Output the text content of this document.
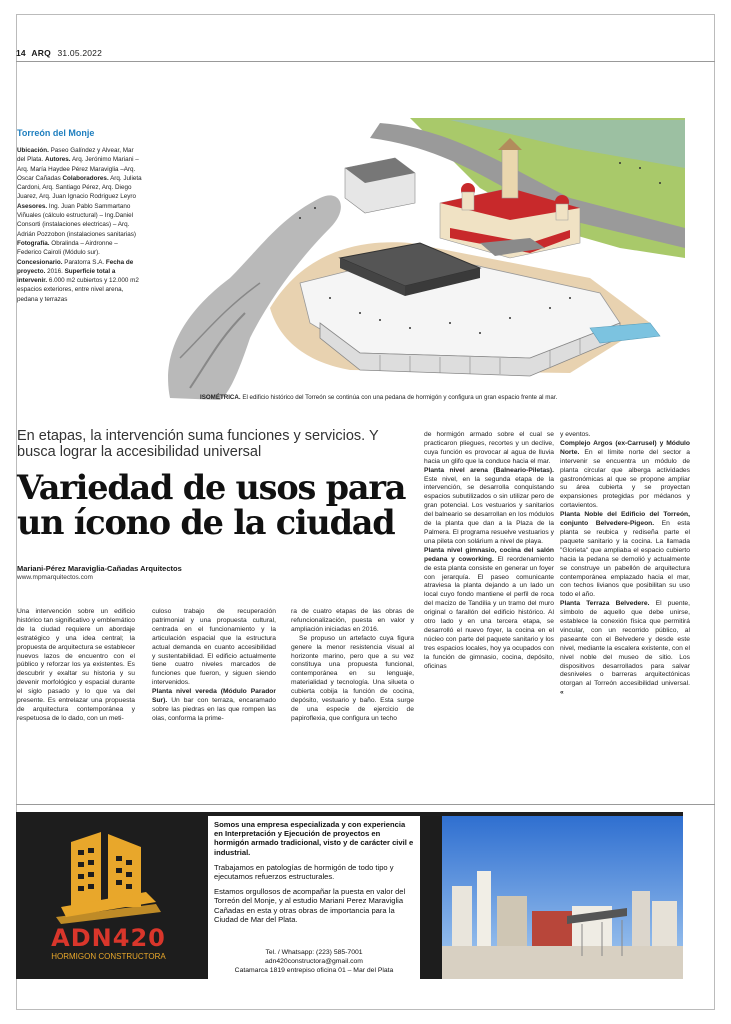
14 ARQ 31.05.2022
Torreón del Monje

Ubicación. Paseo Galíndez y Alvear, Mar del Plata. Autores. Arq. Jerónimo Mariani – Arq. María Haydee Pérez Maraviglia –Arq. Oscar Cañadas Colaboradores. Arq. Julieta Cardoni, Arq. Santiago Pérez, Arq. Diego Juarez, Arq. Juan Ignacio Rodriguez Leyro Asesores. Ing. Juan Pablo Sammartano Viñuales (cálculo estructural) – Ing.Daniel Consorti (instalaciones electricas) – Arq. Adrián Pozzobon (instalaciones sanitarias) Fotografía. Obralinda – Airdronne – Federico Cairoli (Módulo sur). Concesionario. Paratorra S.A. Fecha de proyecto. 2016. Superficie total a intervenir. 6.000 m2 cubiertos y 12.000 m2 espacios exteriores, entre nivel arena, pedana y terrazas

ISOMÉTRICA. El edificio histórico del Torreón se continúa con una pedana de hormigón y configura un gran espacio frente al mar.
En etapas, la intervención suma funciones y servicios. Y busca lograr la accesibilidad universal
Variedad de usos para un ícono de la ciudad
Mariani-Pérez Maraviglia-Cañadas Arquitectos
www.mpmarquitectos.com

Una intervención sobre un edificio histórico tan significativo y emblemático de la ciudad requiere un abordaje estratégico y una idea central; la propuesta de arquitectura se establecer nuevos lazos de encuentro con el público y reforzar los ya existentes. Es descubrir y exaltar su historia y su devenir morfológico y espacial durante el siglo pasado y lo que va del presente. Es entrelazar una propuesta de arquitectura contemporánea y respetuosa de lo dado, con un meti-

culoso trabajo de recuperación patrimonial y una propuesta cultural, centrada en el funcionamiento y la articulación espacial que la estructura actual demanda en cuanto accesibilidad y sustentabilidad. El edificio actualmente tiene cuatro niveles marcados de funciones que fueron, y siguen siendo intervenidos.

Planta nivel vereda (Módulo Parador Sur). Un bar con terraza, encaramado sobre las piedras en las que rompen las olas, conforma la prime-

ra de cuatro etapas de las obras de refuncionalización, puesta en valor y ampliación iniciadas en 2016.

Se propuso un artefacto cuya figura genere la menor resistencia visual al horizonte marino, pero que a su vez constituya una propuesta funcional, contemporánea en su lenguaje, materialidad y tecnología. Una silueta o cubierta cobija la función de cocina, depósito, vestuario y baño. Esta surge de una especie de ejercicio de papiroflexia, que configura un techo

de hormigón armado sobre el cual se practicaron pliegues, recortes y un declive, cuya función es provocar al agua de lluvia hacia un glifo que la conduce hacia el mar.

Planta nivel arena (Balneario-Piletas). Este nivel, en la segunda etapa de la intervención, se desarrolla conquistando espacios subutilizados o sin utilizar pero de gran potencial. Los vestuarios y sanitarios del balneario se desarrollan en los módulos de la planta que dan a la Plaza de la Palmera. El programa resuelve vestuarios y una pileta con solárium a nivel de playa.

Planta nivel gimnasio, cocina del salón pedana y coworking. El reordenamiento de esta planta consiste en generar un foyer con jerarquía. El paseo comunicante atraviesa la planta dejando a un lado un local cuyo fondo mantiene el perfil de roca del macizo de Tandilia y un tramo del muro original o farallón del edificio histórico. Al otro lado y en una tercera etapa, se desarrolló el nuevo foyer, la cocina en el núcleo con parte del paquete sanitario y los tres espacios locales, hoy ya ocupados con la función de gimnasio, cocina, depósito, oficinas

y eventos.

Complejo Argos (ex-Carrusel) y Módulo Norte. En el límite norte del sector a intervenir se encuentra un módulo de planta circular que alberga actividades gastronómicas al que se propone ampliar su área cubierta y se proyectan expansiones protegidas por médanos y cortavientos.

Planta Noble del Edificio del Torreón, conjunto Belvedere-Pigeon. En esta planta se reubica y rediseña parte el paquete sanitario y la cocina. La llamada "Glorieta" que ampliaba el espacio cubierto hacia la pedana se demolió y actualmente se construye un pabellón de arquitectura contemporánea emplazado hacia el mar, con techos livianos que posibilitan su uso todo el año.

Planta Terraza Belvedere. El puente, símbolo de aquello que debe unirse, establece la conexión física que permitirá vincular, con un recorrido público, al paseante con el Belvedere y desde este nivel, mediante la escalera existente, con el nivel noble del museo de sitio. Los dispositivos desarrollados para salvar desniveles o barreras arquitectónicas otorgan al Torreón accesibilidad universal. «

ADN420
HORMIGON CONSTRUCTORA

Somos una empresa especializada y con experiencia en Interpretación y Ejecución de proyectos en hormigón armado tradicional, visto y de carácter civil e industrial.

Trabajamos en patologías de hormigón de todo tipo y ejecutamos refuerzos estructurales.

Estamos orgullosos de acompañar la puesta en valor del Torreón del Monje, y al estudio Mariani Perez Maraviglia Cañadas en esta y otras obras de importancia para la Ciudad de Mar del Plata.

Tel. / Whatsapp: (223) 585-7001
adn420constructora@gmail.com
Catamarca 1819 entrepiso oficina 01 – Mar del Plata
